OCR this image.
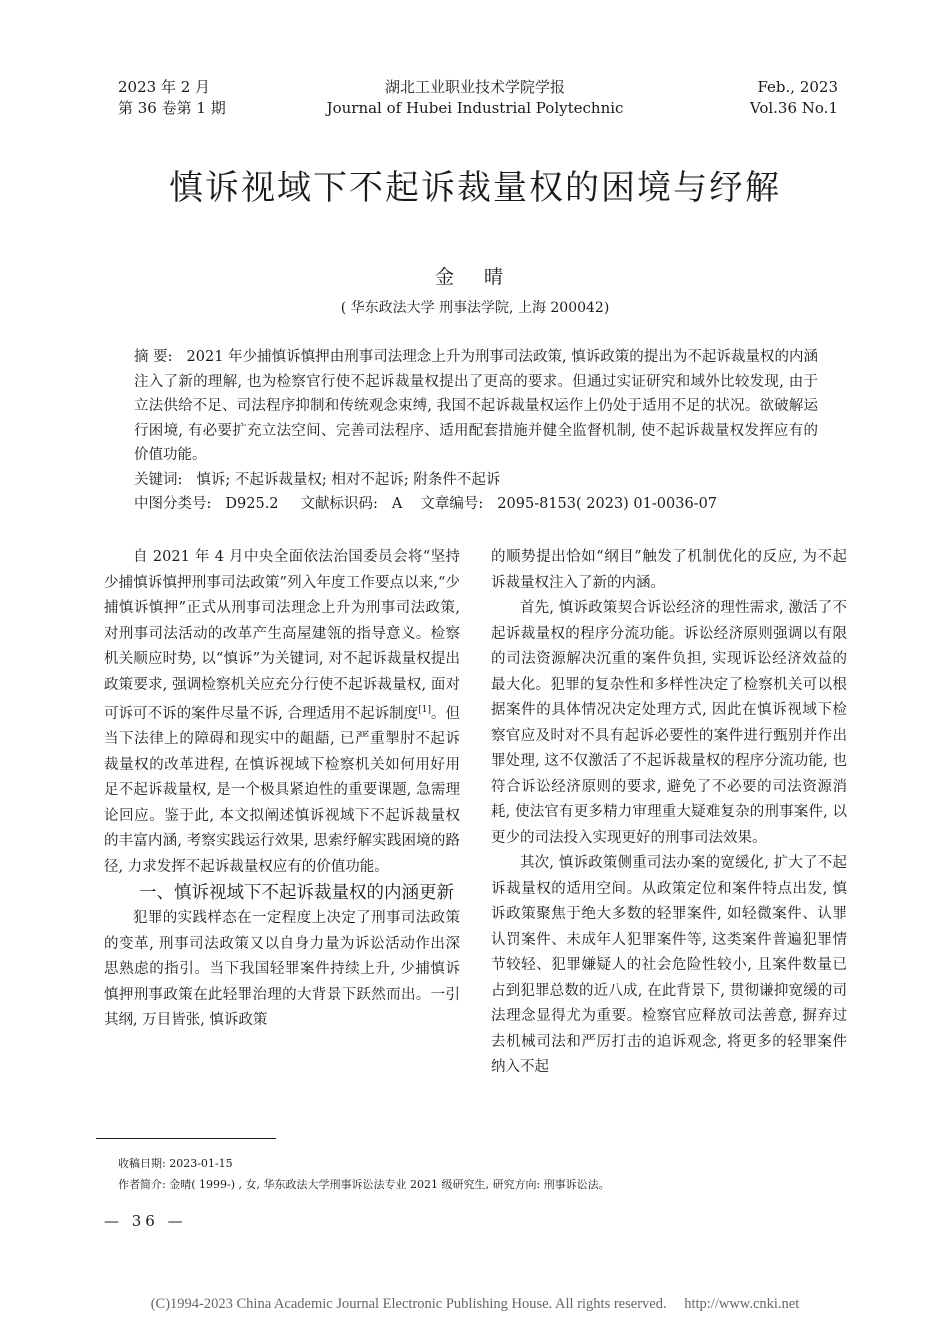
2023 年 2 月
第 36 卷第 1 期
湖北工业职业技术学院学报
Journal of Hubei Industrial Polytechnic
Feb., 2023
Vol.36 No.1
慎诉视域下不起诉裁量权的困境与纾解
金 晴
( 华东政法大学 刑事法学院, 上海 200042)

摘 要: 2021 年少捕慎诉慎押由刑事司法理念上升为刑事司法政策, 慎诉政策的提出为不起诉裁量权的内涵注入了新的理解, 也为检察官行使不起诉裁量权提出了更高的要求。但通过实证研究和域外比较发现, 由于立法供给不足、司法程序抑制和传统观念束缚, 我国不起诉裁量权运作上仍处于适用不足的状况。欲破解运行困境, 有必要扩充立法空间、完善司法程序、适用配套措施并健全监督机制, 使不起诉裁量权发挥应有的价值功能。

关键词: 慎诉; 不起诉裁量权; 相对不起诉; 附条件不起诉

中图分类号: D925.2 文献标识码: A 文章编号: 2095-8153( 2023) 01-0036-07

自 2021 年 4 月中央全面依法治国委员会将“坚持少捕慎诉慎押刑事司法政策”列入年度工作要点以来,“少捕慎诉慎押”正式从刑事司法理念上升为刑事司法政策, 对刑事司法活动的改革产生高屋建瓴的指导意义。检察机关顺应时势, 以“慎诉”为关键词, 对不起诉裁量权提出政策要求, 强调检察机关应充分行使不起诉裁量权, 面对可诉可不诉的案件尽量不诉, 合理适用不起诉制度[1]。但当下法律上的障碍和现实中的龃龉, 已严重掣肘不起诉裁量权的改革进程, 在慎诉视域下检察机关如何用好用足不起诉裁量权, 是一个极具紧迫性的重要课题, 急需理论回应。鉴于此, 本文拟阐述慎诉视域下不起诉裁量权的丰富内涵, 考察实践运行效果, 思索纾解实践困境的路径, 力求发挥不起诉裁量权应有的价值功能。

一、慎诉视域下不起诉裁量权的内涵更新

犯罪的实践样态在一定程度上决定了刑事司法政策的变革, 刑事司法政策又以自身力量为诉讼活动作出深思熟虑的指引。当下我国轻罪案件持续上升, 少捕慎诉慎押刑事政策在此轻罪治理的大背景下跃然而出。一引其纲, 万目皆张, 慎诉政策

的顺势提出恰如“纲目”触发了机制优化的反应, 为不起诉裁量权注入了新的内涵。

首先, 慎诉政策契合诉讼经济的理性需求, 激活了不起诉裁量权的程序分流功能。诉讼经济原则强调以有限的司法资源解决沉重的案件负担, 实现诉讼经济效益的最大化。犯罪的复杂性和多样性决定了检察机关可以根据案件的具体情况决定处理方式, 因此在慎诉视域下检察官应及时对不具有起诉必要性的案件进行甄别并作出罪处理, 这不仅激活了不起诉裁量权的程序分流功能, 也符合诉讼经济原则的要求, 避免了不必要的司法资源消耗, 使法官有更多精力审理重大疑难复杂的刑事案件, 以更少的司法投入实现更好的刑事司法效果。

其次, 慎诉政策侧重司法办案的宽缓化, 扩大了不起诉裁量权的适用空间。从政策定位和案件特点出发, 慎诉政策聚焦于绝大多数的轻罪案件, 如轻微案件、认罪认罚案件、未成年人犯罪案件等, 这类案件普遍犯罪情节较轻、犯罪嫌疑人的社会危险性较小, 且案件数量已占到犯罪总数的近八成, 在此背景下, 贯彻谦抑宽缓的司法理念显得尤为重要。检察官应释放司法善意, 摒弃过去机械司法和严厉打击的追诉观念, 将更多的轻罪案件纳入不起

收稿日期: 2023-01-15
作者简介: 金晴( 1999-) , 女, 华东政法大学刑事诉讼法专业 2021 级研究生, 研究方向: 刑事诉讼法。
— 36 —
(C)1994-2023 China Academic Journal Electronic Publishing House. All rights reserved. http://www.cnki.net
